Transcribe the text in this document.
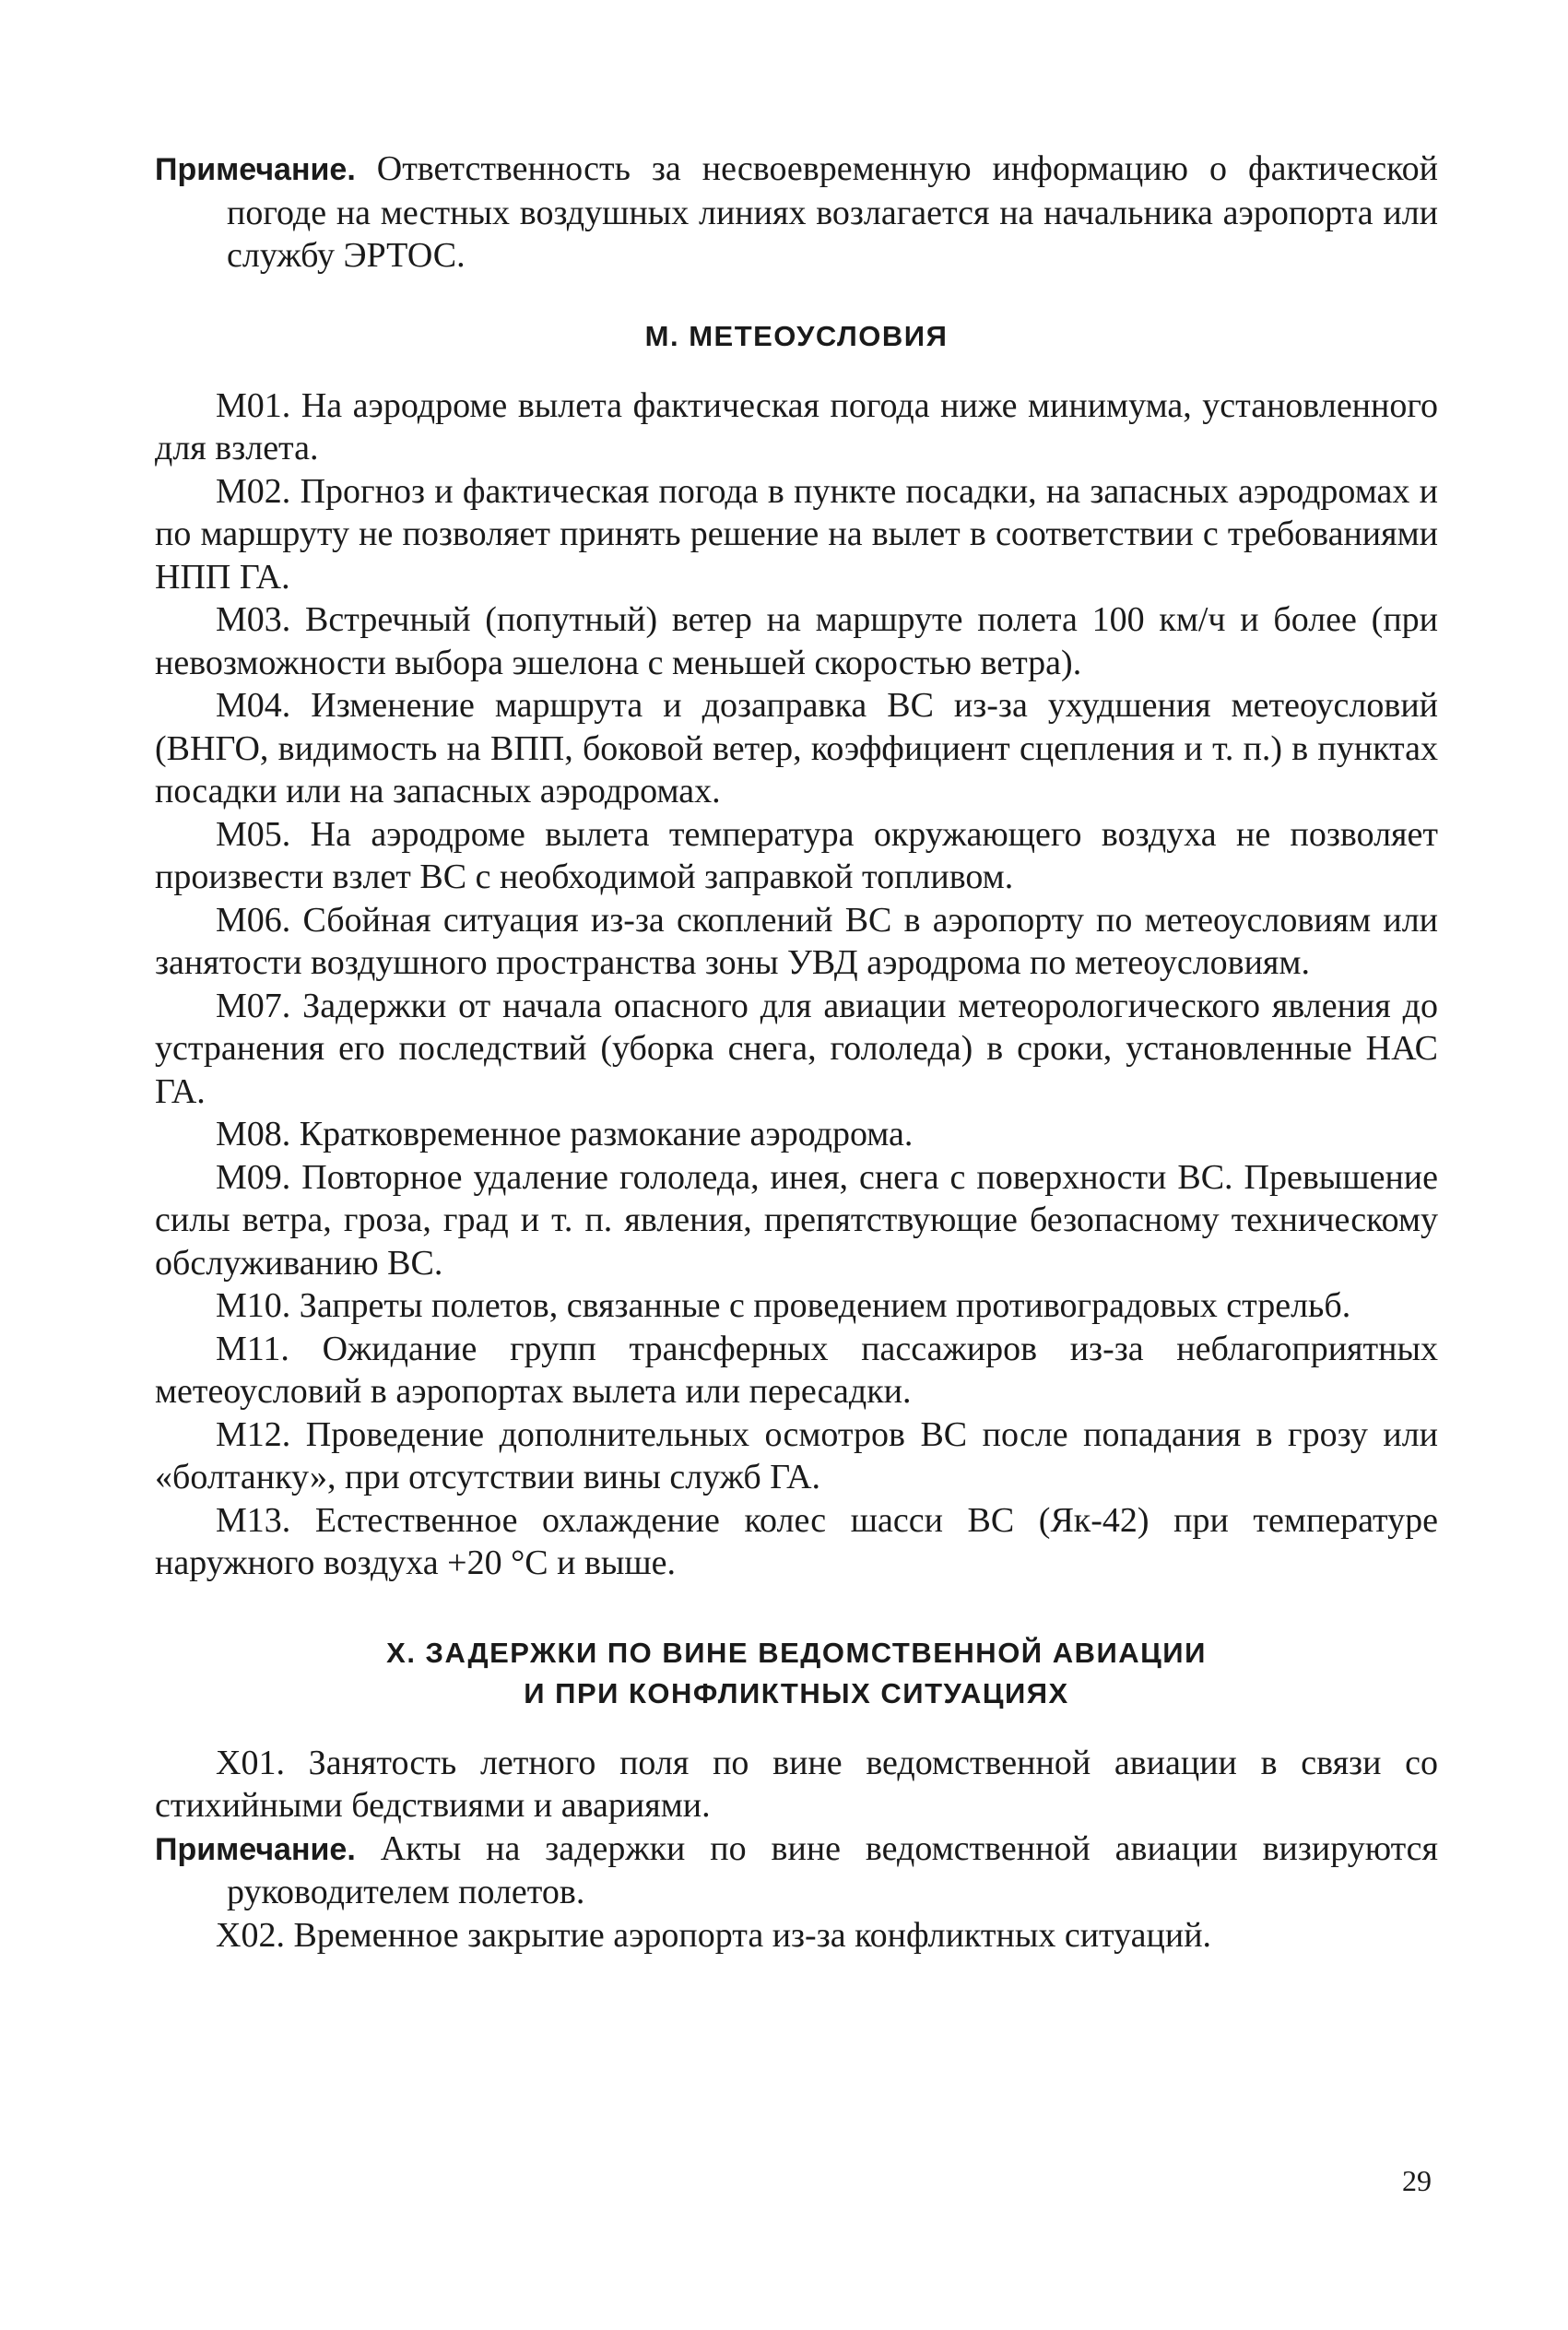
Примечание. Ответственность за несвоевременную информацию о фактической погоде на местных воздушных линиях возлагается на начальника аэропорта или службу ЭРТОС.

М. МЕТЕОУСЛОВИЯ

М01. На аэродроме вылета фактическая погода ниже минимума, установленного для взлета.

М02. Прогноз и фактическая погода в пункте посадки, на запасных аэродромах и по маршруту не позволяет принять решение на вылет в соответствии с требованиями НПП ГА.

М03. Встречный (попутный) ветер на маршруте полета 100 км/ч и более (при невозможности выбора эшелона с меньшей скоростью ветра).

М04. Изменение маршрута и дозаправка ВС из-за ухудшения метеоусловий (ВНГО, видимость на ВПП, боковой ветер, коэффициент сцепления и т. п.) в пунктах посадки или на запасных аэродромах.

М05. На аэродроме вылета температура окружающего воздуха не позволяет произвести взлет ВС с необходимой заправкой топливом.

М06. Сбойная ситуация из-за скоплений ВС в аэропорту по метеоусловиям или занятости воздушного пространства зоны УВД аэродрома по метеоусловиям.

М07. Задержки от начала опасного для авиации метеорологического явления до устранения его последствий (уборка снега, гололеда) в сроки, установленные НАС ГА.

М08. Кратковременное размокание аэродрома.

М09. Повторное удаление гололеда, инея, снега с поверхности ВС. Превышение силы ветра, гроза, град и т. п. явления, препятствующие безопасному техническому обслуживанию ВС.

М10. Запреты полетов, связанные с проведением противоградовых стрельб.

М11. Ожидание групп трансферных пассажиров из-за неблагоприятных метеоусловий в аэропортах вылета или пересадки.

М12. Проведение дополнительных осмотров ВС после попадания в грозу или «болтанку», при отсутствии вины служб ГА.

М13. Естественное охлаждение колес шасси ВС (Як-42) при температуре наружного воздуха +20 °С и выше.

Х. ЗАДЕРЖКИ ПО ВИНЕ ВЕДОМСТВЕННОЙ АВИАЦИИ
И ПРИ КОНФЛИКТНЫХ СИТУАЦИЯХ

Х01. Занятость летного поля по вине ведомственной авиации в связи со стихийными бедствиями и авариями.

Примечание. Акты на задержки по вине ведомственной авиации визируются руководителем полетов.

Х02. Временное закрытие аэропорта из-за конфликтных ситуаций.

29
